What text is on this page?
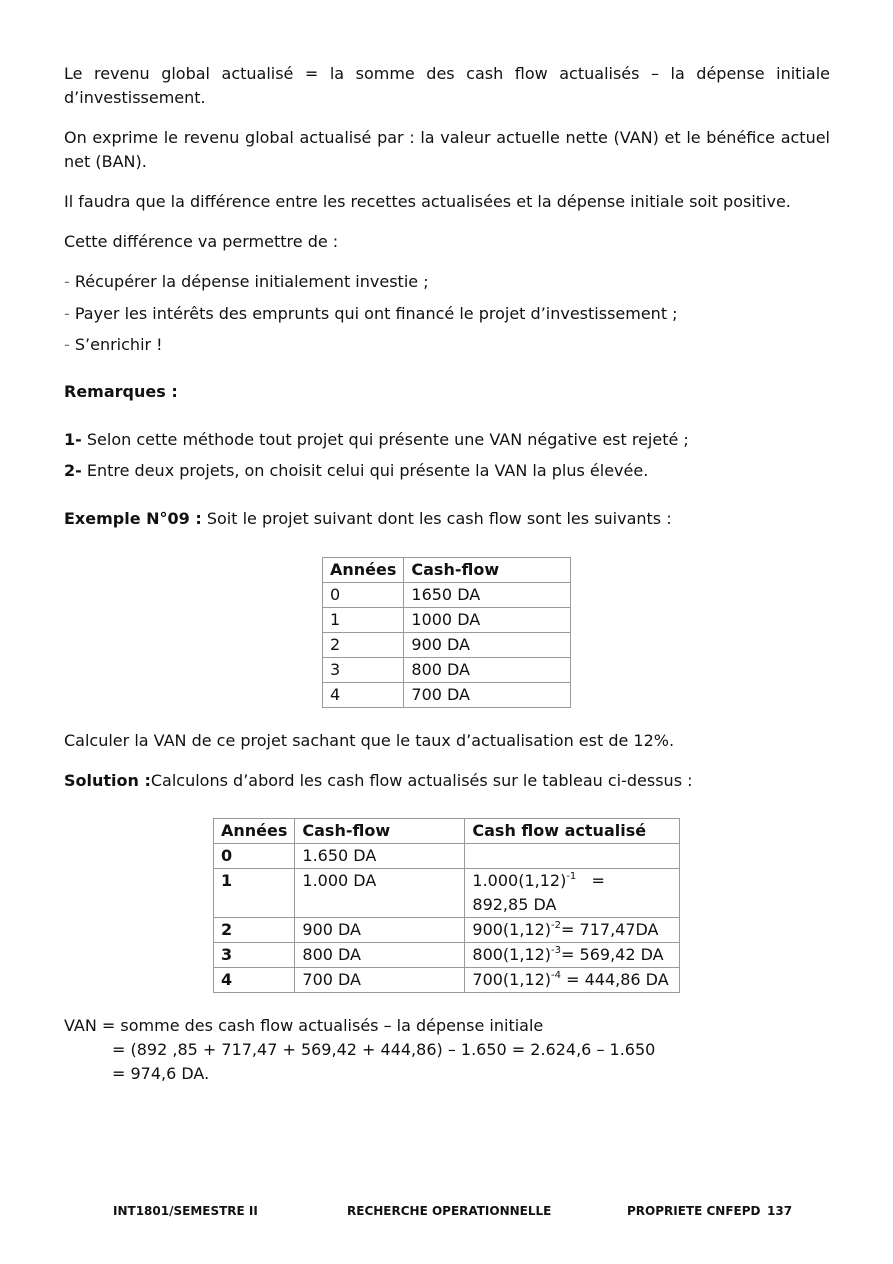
Le revenu global actualisé = la somme des cash flow actualisés – la dépense initiale d’investissement.

On exprime le revenu global actualisé par : la valeur actuelle nette (VAN) et le bénéfice actuel net (BAN).

Il faudra que la différence entre les recettes actualisées et la dépense initiale soit positive.

Cette différence va permettre de :

- Récupérer la dépense initialement investie ;

- Payer les intérêts des emprunts qui ont financé le projet d’investissement ;

- S’enrichir !

Remarques :

1- Selon cette méthode tout projet qui présente une VAN négative est rejeté ;

2- Entre deux projets, on choisit celui qui présente la VAN la plus élevée.

Exemple N°09 : Soit le projet suivant dont les cash flow sont les suivants :

Calculer la VAN de ce projet sachant que le taux d’actualisation est de 12%.

Solution :Calculons d’abord les cash flow actualisés sur le tableau ci-dessus :

VAN = somme des cash flow actualisés – la dépense initiale

= (892 ,85 + 717,47 + 569,42 + 444,86) – 1.650 = 2.624,6 – 1.650

= 974,6 DA.

Années	Cash-flow
0	1650 DA
1	1000 DA
2	900 DA
3	800 DA
4	700 DA
Années	Cash-flow	Cash flow actualisé
0	1.650 DA	
1	1.000 DA	$1.000(1,12)^{-1} = 892,85$ DA
2	900 DA	$900(1,12)^{-2}= 717,47DA$
3	800 DA	$800(1,12)^{-3}= 569,42$ DA
4	700 DA	$700(1,12)^{-4} = 444,86$ DA
INT1801/SEMESTRE II	RECHERCHE OPERATIONNELLE	PROPRIETE CNFEPD 137
